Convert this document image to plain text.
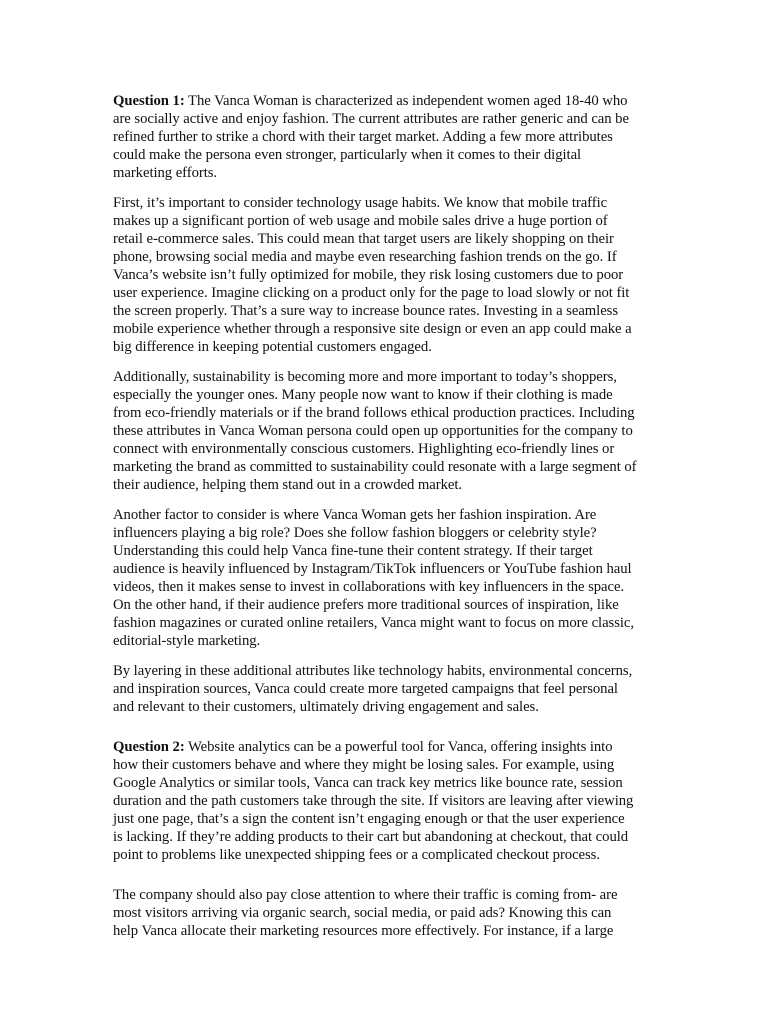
Question 1: The Vanca Woman is characterized as independent women aged 18-40 who
are socially active and enjoy fashion. The current attributes are rather generic and can be
refined further to strike a chord with their target market. Adding a few more attributes
could make the persona even stronger, particularly when it comes to their digital
marketing efforts.

First, it’s important to consider technology usage habits. We know that mobile traffic
makes up a significant portion of web usage and mobile sales drive a huge portion of
retail e-commerce sales. This could mean that target users are likely shopping on their
phone, browsing social media and maybe even researching fashion trends on the go. If
Vanca’s website isn’t fully optimized for mobile, they risk losing customers due to poor
user experience. Imagine clicking on a product only for the page to load slowly or not fit
the screen properly. That’s a sure way to increase bounce rates. Investing in a seamless
mobile experience whether through a responsive site design or even an app could make a
big difference in keeping potential customers engaged.

Additionally, sustainability is becoming more and more important to today’s shoppers,
especially the younger ones. Many people now want to know if their clothing is made
from eco-friendly materials or if the brand follows ethical production practices. Including
these attributes in Vanca Woman persona could open up opportunities for the company to
connect with environmentally conscious customers. Highlighting eco-friendly lines or
marketing the brand as committed to sustainability could resonate with a large segment of
their audience, helping them stand out in a crowded market.

Another factor to consider is where Vanca Woman gets her fashion inspiration. Are
influencers playing a big role? Does she follow fashion bloggers or celebrity style?
Understanding this could help Vanca fine-tune their content strategy. If their target
audience is heavily influenced by Instagram/TikTok influencers or YouTube fashion haul
videos, then it makes sense to invest in collaborations with key influencers in the space.
On the other hand, if their audience prefers more traditional sources of inspiration, like
fashion magazines or curated online retailers, Vanca might want to focus on more classic,
editorial-style marketing.

By layering in these additional attributes like technology habits, environmental concerns,
and inspiration sources, Vanca could create more targeted campaigns that feel personal
and relevant to their customers, ultimately driving engagement and sales.

Question 2: Website analytics can be a powerful tool for Vanca, offering insights into
how their customers behave and where they might be losing sales. For example, using
Google Analytics or similar tools, Vanca can track key metrics like bounce rate, session
duration and the path customers take through the site. If visitors are leaving after viewing
just one page, that’s a sign the content isn’t engaging enough or that the user experience
is lacking. If they’re adding products to their cart but abandoning at checkout, that could
point to problems like unexpected shipping fees or a complicated checkout process.

The company should also pay close attention to where their traffic is coming from- are
most visitors arriving via organic search, social media, or paid ads? Knowing this can
help Vanca allocate their marketing resources more effectively. For instance, if a large
